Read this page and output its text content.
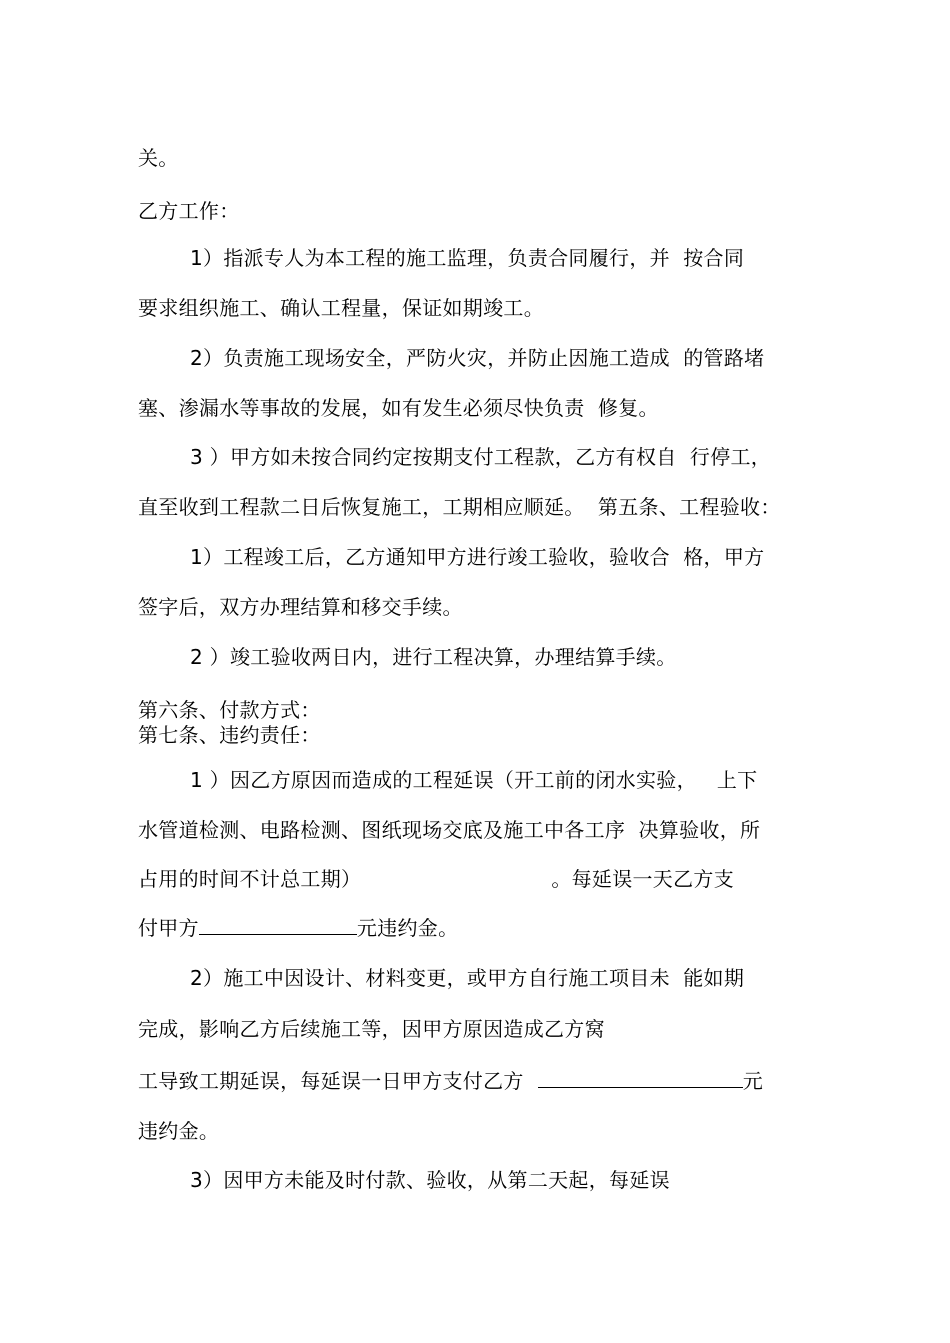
关。
乙方工作：
1）指派专人为本工程的施工监理，负责合同履行，并  按合同
要求组织施工、确认工程量，保证如期竣工。
2）负责施工现场安全，严防火灾，并防止因施工造成  的管路堵
塞、渗漏水等事故的发展，如有发生必须尽快负责  修复。
3 ）甲方如未按合同约定按期支付工程款，乙方有权自  行停工，
直至收到工程款二日后恢复施工，工期相应顺延。  第五条、工程验收：
1）工程竣工后，乙方通知甲方进行竣工验收，验收合  格，甲方
签字后，双方办理结算和移交手续。
2 ）竣工验收两日内，进行工程决算，办理结算手续。
第六条、付款方式：
第七条、违约责任：
1 ）因乙方原因而造成的工程延误（开工前的闭水实验，   上下
水管道检测、电路检测、图纸现场交底及施工中各工序  决算验收，所
占用的时间不计总工期）	。每延误一天乙方支
付甲方	元违约金。
2）施工中因设计、材料变更，或甲方自行施工项目未  能如期
完成，影响乙方后续施工等，因甲方原因造成乙方窝
工导致工期延误，每延误一日甲方支付乙方	元
违约金。
3）因甲方未能及时付款、验收，从第二天起，每延误
